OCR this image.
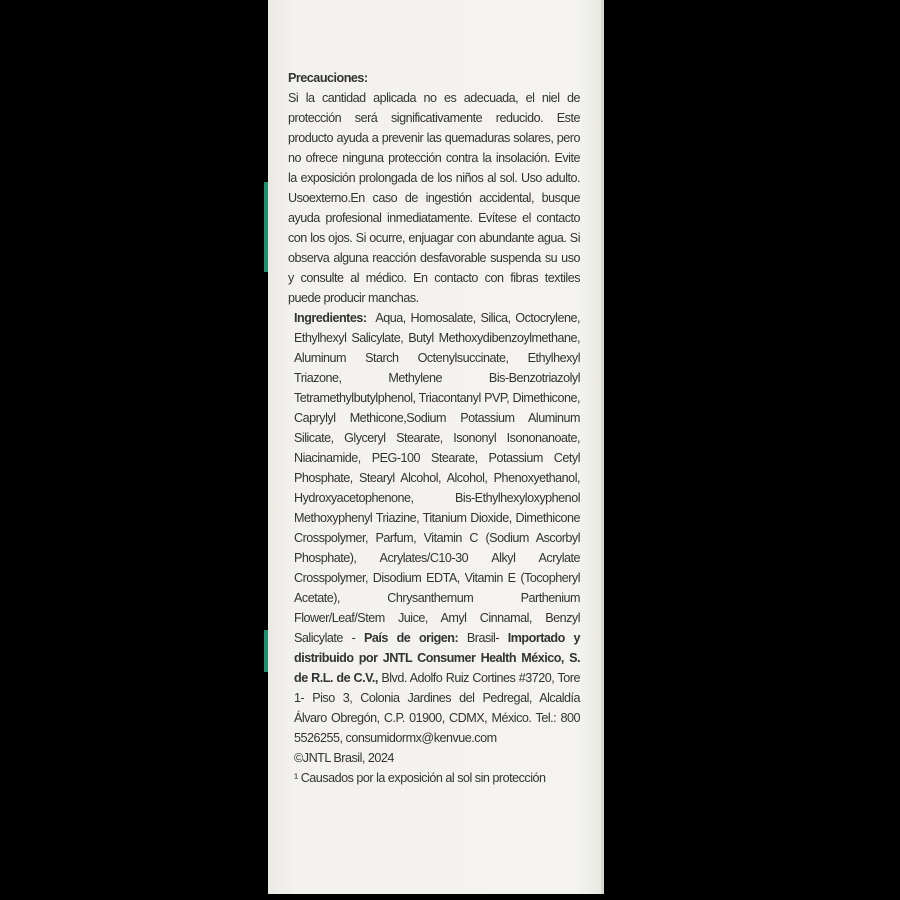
Precauciones:

Si la cantidad aplicada no es adecuada, el niel de protección será significativamente reducido. Este producto ayuda a prevenir las quemaduras solares, pero no ofrece ninguna protección contra la insolación. Evite la exposición prolongada de los niños al sol. Uso adulto. Usoexterno.En caso de ingestión accidental, busque ayuda profesional inmediatamente. Evítese el contacto con los ojos. Si ocurre, enjuagar con abundante agua. Si observa alguna reacción desfavorable suspenda su uso y consulte al médico. En contacto con fibras textiles puede producir manchas.

Ingredientes: Aqua, Homosalate, Silica, Octocrylene, Ethylhexyl Salicylate, Butyl Methoxydibenzoylmethane, Aluminum Starch Octenylsuccinate, Ethylhexyl Triazone, Methylene Bis-Benzotriazolyl Tetramethylbutylphenol, Triacontanyl PVP, Dimethicone, Caprylyl Methicone,Sodium Potassium Aluminum Silicate, Glyceryl Stearate, Isononyl Isononanoate, Niacinamide, PEG-100 Stearate, Potassium Cetyl Phosphate, Stearyl Alcohol, Alcohol, Phenoxyethanol, Hydroxyacetophenone, Bis-Ethylhexyloxyphenol Methoxyphenyl Triazine, Titanium Dioxide, Dimethicone Crosspolymer, Parfum, Vitamin C (Sodium Ascorbyl Phosphate), Acrylates/C10-30 Alkyl Acrylate Crosspolymer, Disodium EDTA, Vitamin E (Tocopheryl Acetate), Chrysanthemum Parthenium Flower/Leaf/Stem Juice, Amyl Cinnamal, Benzyl Salicylate - País de origen: Brasil- Importado y distribuido por JNTL Consumer Health México, S. de R.L. de C.V., Blvd. Adolfo Ruiz Cortines #3720, Tore 1- Piso 3, Colonia Jardines del Pedregal, Alcaldía Álvaro Obregón, C.P. 01900, CDMX, México. Tel.: 800 5526255, consumidormx@kenvue.com

©JNTL Brasil, 2024

¹ Causados por la exposición al sol sin protección
